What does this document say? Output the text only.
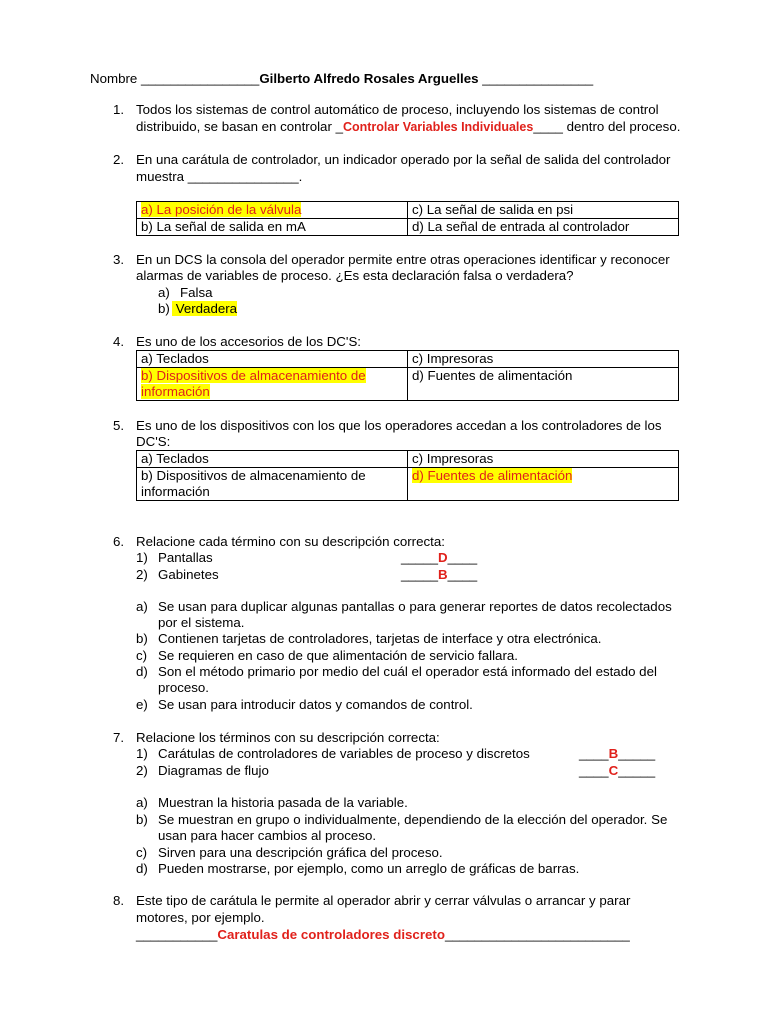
Nombre ________________Gilberto Alfredo Rosales Arguelles _______________
1. Todos los sistemas de control automático de proceso, incluyendo los sistemas de control
distribuido, se basan en controlar _Controlar Variables Individuales____ dentro del proceso.
2. En una carátula de controlador, un indicador operado por la señal de salida del controlador
muestra _______________.
a) La posición de la válvula	c) La señal de salida en psi
b) La señal de salida en mA	d) La señal de entrada al controlador
3. En un DCS la consola del operador permite entre otras operaciones identificar y reconocer
alarmas de variables de proceso. ¿Es esta declaración falsa o verdadera?
a) Falsa
b) Verdadera
4. Es uno de los accesorios de los DC'S:
a) Teclados	c) Impresoras
b) Dispositivos de almacenamiento de
información	d) Fuentes de alimentación
5. Es uno de los dispositivos con los que los operadores accedan a los controladores de los
DC'S:
a) Teclados	c) Impresoras
b) Dispositivos de almacenamiento de
información	d) Fuentes de alimentación
6. Relacione cada término con su descripción correcta:
1) Pantallas	_____D____
2) Gabinetes	_____B____
a) Se usan para duplicar algunas pantallas o para generar reportes de datos recolectados
por el sistema.
b) Contienen tarjetas de controladores, tarjetas de interface y otra electrónica.
c) Se requieren en caso de que alimentación de servicio fallara.
d) Son el método primario por medio del cuál el operador está informado del estado del
proceso.
e) Se usan para introducir datos y comandos de control.
7. Relacione los términos con su descripción correcta:
1) Carátulas de controladores de variables de proceso y discretos	____B_____
2) Diagramas de flujo	____C_____
a) Muestran la historia pasada de la variable.
b) Se muestran en grupo o individualmente, dependiendo de la elección del operador. Se
usan para hacer cambios al proceso.
c) Sirven para una descripción gráfica del proceso.
d) Pueden mostrarse, por ejemplo, como un arreglo de gráficas de barras.
8. Este tipo de carátula le permite al operador abrir y cerrar válvulas o arrancar y parar
motores, por ejemplo.
___________Caratulas de controladores discreto_________________________
